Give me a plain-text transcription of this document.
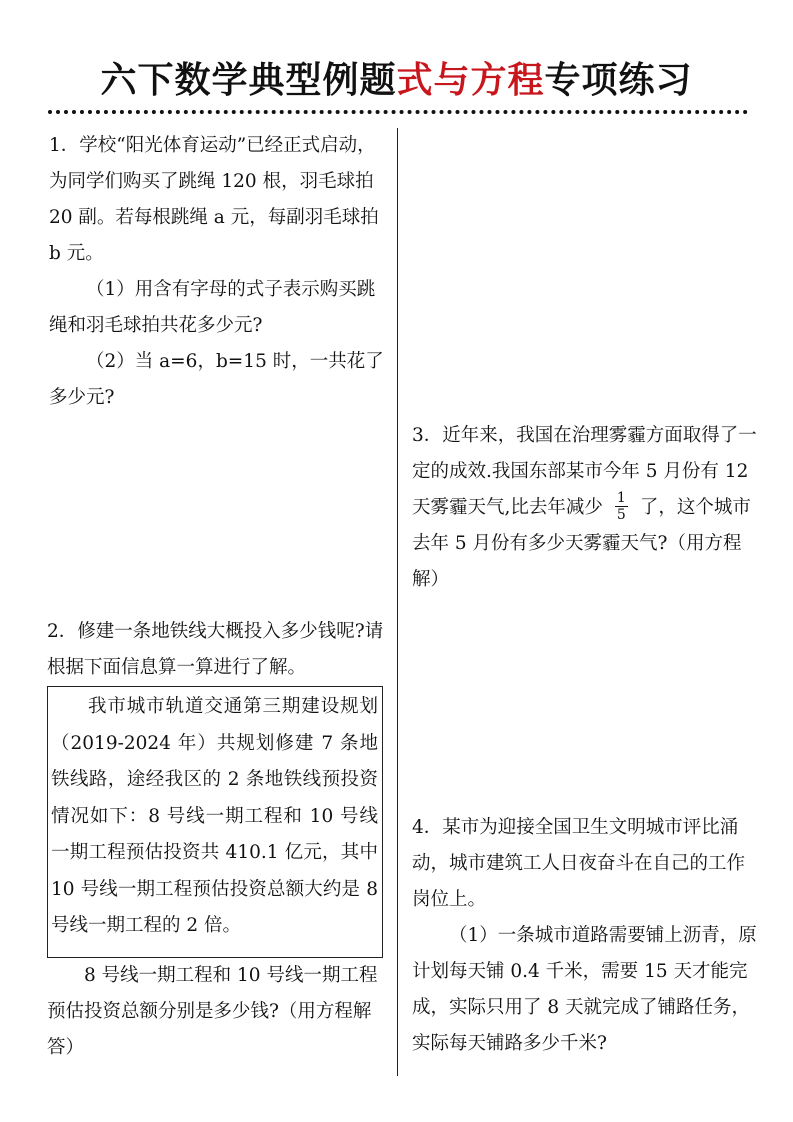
六下数学典型例题式与方程专项练习

1．学校“阳光体育运动”已经正式启动，为同学们购买了跳绳 120 根，羽毛球拍 20 副。若每根跳绳 a 元，每副羽毛球拍 b 元。

（1）用含有字母的式子表示购买跳绳和羽毛球拍共花多少元?

（2）当 a=6，b=15 时，一共花了多少元?

2．修建一条地铁线大概投入多少钱呢?请根据下面信息算一算进行了解。

我市城市轨道交通第三期建设规划（2019-2024 年）共规划修建 7 条地铁线路，途经我区的 2 条地铁线预投资情况如下：8 号线一期工程和 10 号线一期工程预估投资共 410.1 亿元，其中 10 号线一期工程预估投资总额大约是 8 号线一期工程的 2 倍。

8 号线一期工程和 10 号线一期工程预估投资总额分别是多少钱?（用方程解答）

3．近年来，我国在治理雾霾方面取得了一定的成效.我国东部某市今年 5 月份有 12 天雾霾天气,比去年减少 $\frac{1}{5}$ 了，这个城市去年 5 月份有多少天雾霾天气?（用方程解）

4．某市为迎接全国卫生文明城市评比涌动，城市建筑工人日夜奋斗在自己的工作岗位上。

（1）一条城市道路需要铺上沥青，原计划每天铺 0.4 千米，需要 15 天才能完成，实际只用了 8 天就完成了铺路任务，实际每天铺路多少千米?
